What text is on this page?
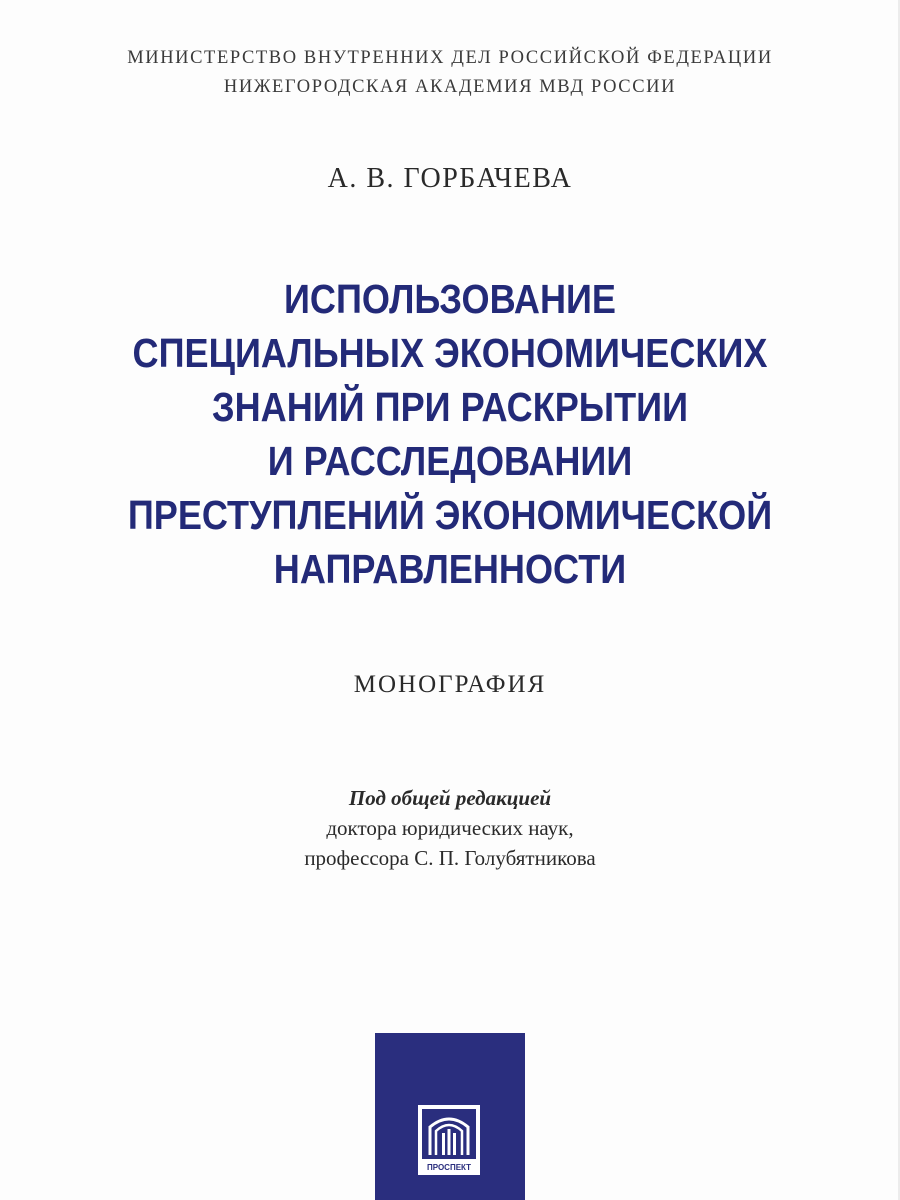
МИНИСТЕРСТВО ВНУТРЕННИХ ДЕЛ РОССИЙСКОЙ ФЕДЕРАЦИИ
НИЖЕГОРОДСКАЯ АКАДЕМИЯ МВД РОССИИ
А. В. ГОРБАЧЕВА
ИСПОЛЬЗОВАНИЕ
СПЕЦИАЛЬНЫХ ЭКОНОМИЧЕСКИХ
ЗНАНИЙ ПРИ РАСКРЫТИИ
И РАССЛЕДОВАНИИ
ПРЕСТУПЛЕНИЙ ЭКОНОМИЧЕСКОЙ
НАПРАВЛЕННОСТИ
МОНОГРАФИЯ
Под общей редакцией
доктора юридических наук,
профессора С. П. Голубятникова
ПРОСПЕКТ
